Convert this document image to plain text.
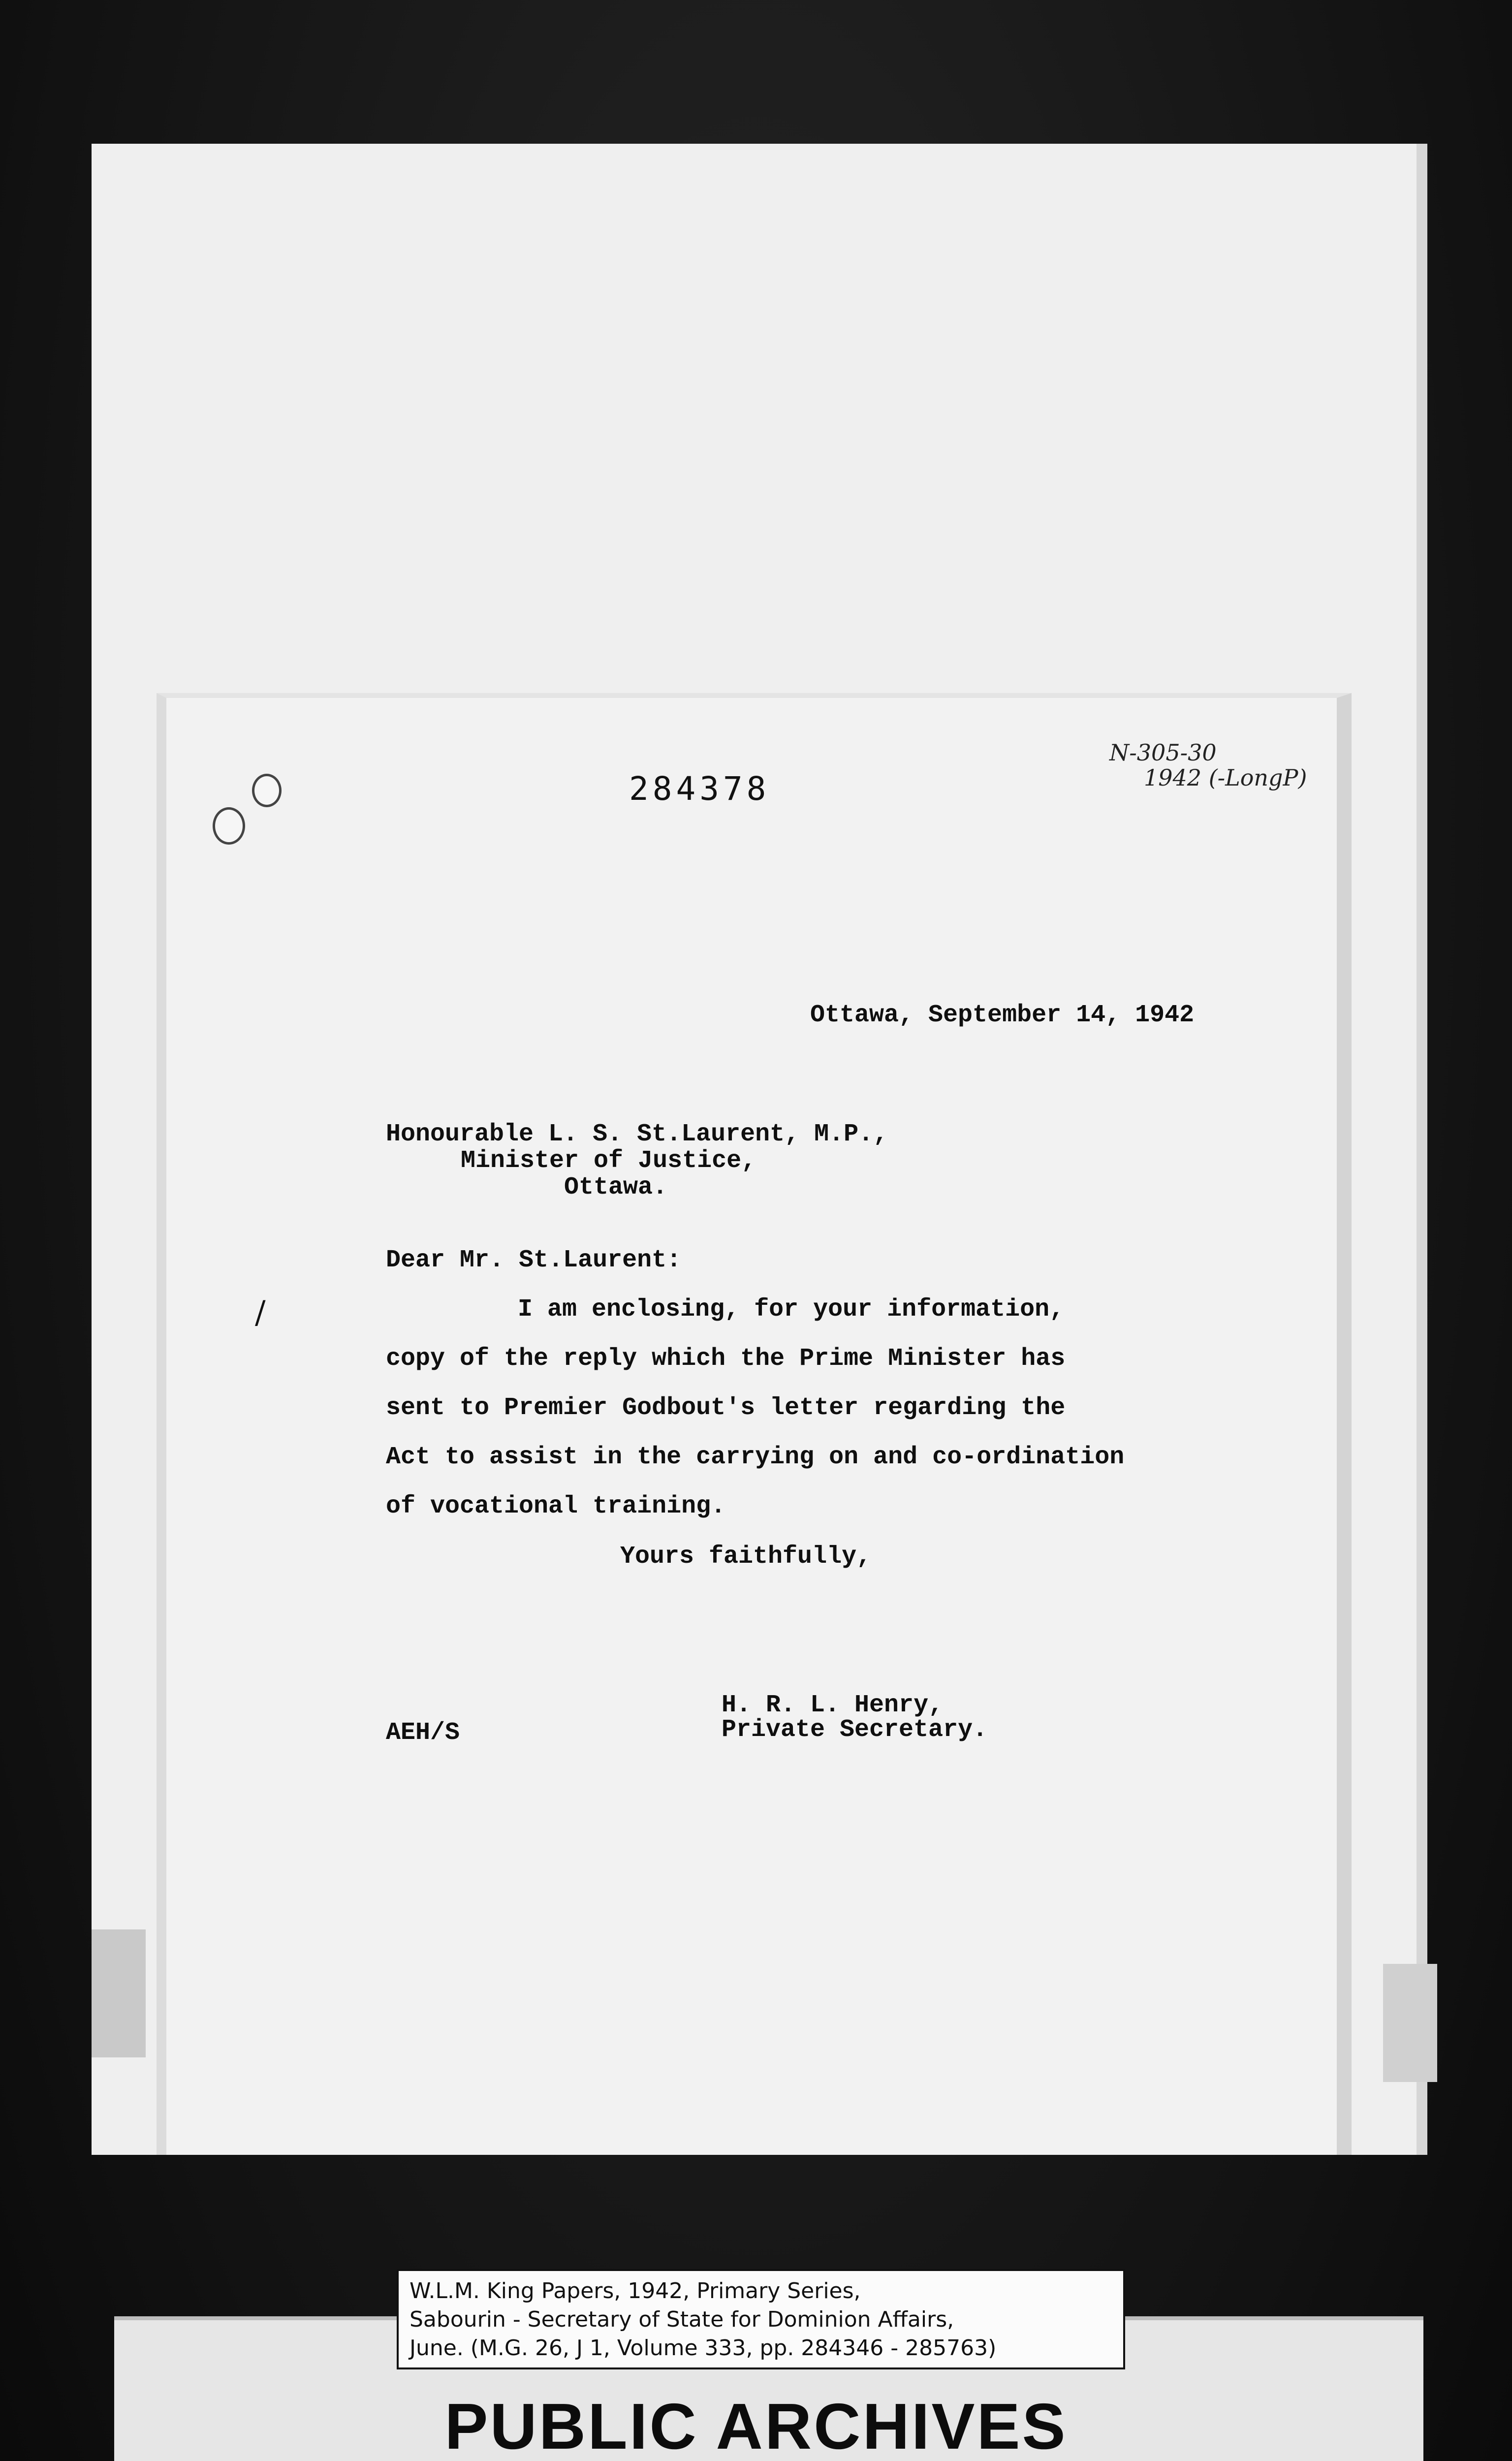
284378
N-305-30
1942 (-LongP)
Ottawa, September 14, 1942
Honourable L. S. St.Laurent, M.P.,
Minister of Justice,
Ottawa.
Dear Mr. St.Laurent:
/	I am enclosing, for your information,
copy of the reply which the Prime Minister has
sent to Premier Godbout's letter regarding the
Act to assist in the carrying on and co-ordination
of vocational training.
Yours faithfully,
H. R. L. Henry,
Private Secretary.
AEH/S
W.L.M. King Papers, 1942, Primary Series,
Sabourin - Secretary of State for Dominion Affairs,
June. (M.G. 26, J 1, Volume 333, pp. 284346 - 285763)
PUBLIC ARCHIVES
